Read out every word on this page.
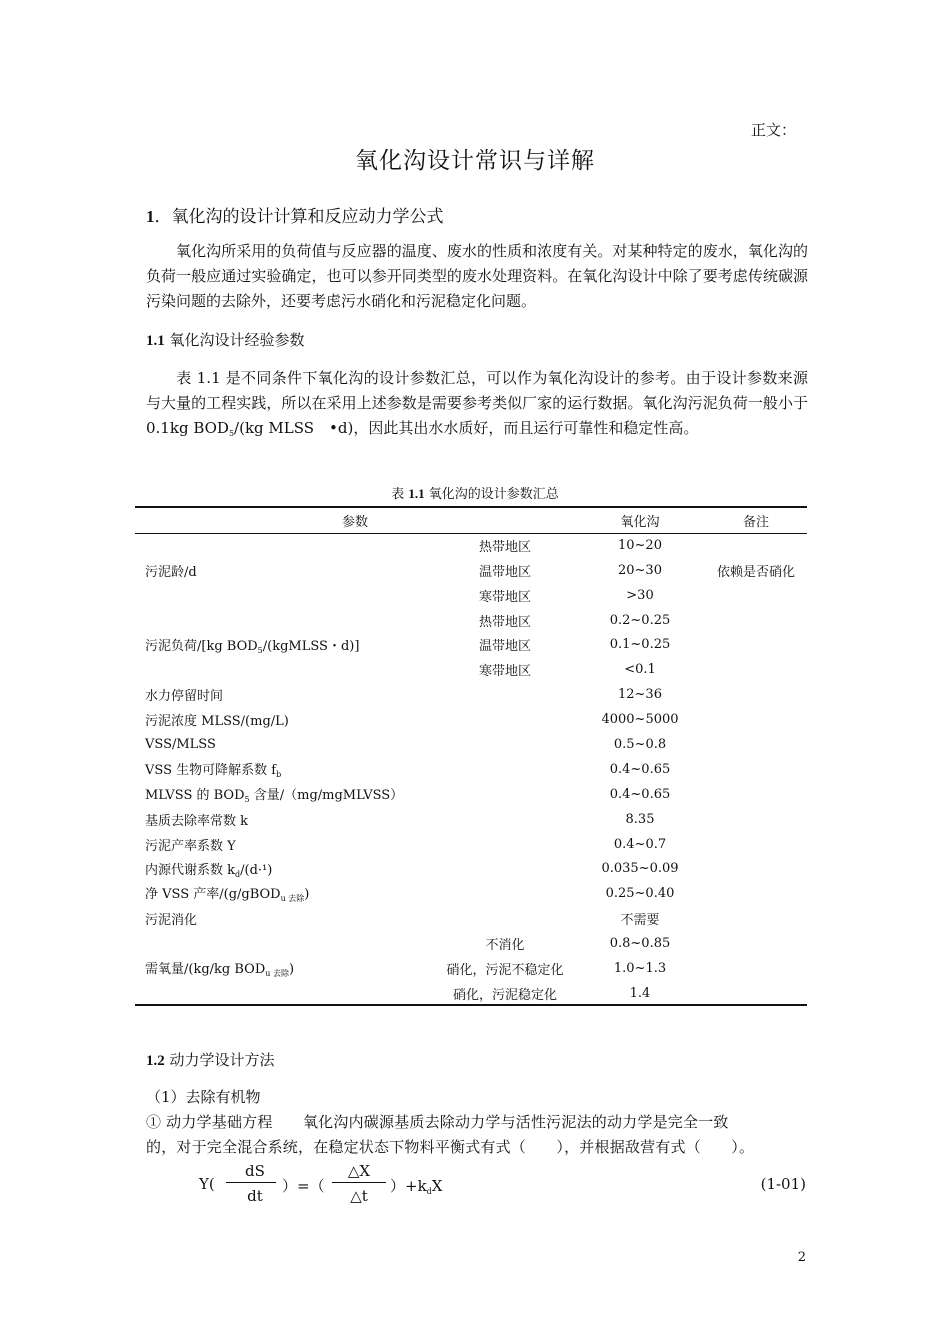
正文：
氧化沟设计常识与详解
1．氧化沟的设计计算和反应动力学公式
氧化沟所采用的负荷值与反应器的温度、废水的性质和浓度有关。对某种特定的废水，氧化沟的负荷一般应通过实验确定，也可以参开同类型的废水处理资料。在氧化沟设计中除了要考虑传统碳源污染问题的去除外，还要考虑污水硝化和污泥稳定化问题。
1.1 氧化沟设计经验参数
表 1.1 是不同条件下氧化沟的设计参数汇总，可以作为氧化沟设计的参考。由于设计参数来源与大量的工程实践，所以在采用上述参数是需要参考类似厂家的运行数据。氧化沟污泥负荷一般小于 0.1kg $BOD_5/(kg$ MLSS　•d)，因此其出水水质好，而且运行可靠性和稳定性高。
表 1.1 氧化沟的设计参数汇总
参数		氧化沟	备注
	热带地区	10~20	
污泥龄/d	温带地区	20~30	依赖是否硝化
	寒带地区	>30	
	热带地区	0.2~0.25	
污泥负荷/[kg $BOD_5/(kgMLSS$・d)]	温带地区	0.1~0.25	
	寒带地区	<0.1	
水力停留时间		12~36	
污泥浓度 MLSS/(mg/L)		4000~5000	
VSS/MLSS		0.5~0.8	
VSS 生物可降解系数 $f_b$		0.4~0.65	
MLVSS 的 $BOD_5$ 含量/（mg/mgMLVSS）		0.4~0.65	
基质去除率常数 k		8.35	
污泥产率系数 Y		0.4~0.7	
内源代谢系数 $k_d/(d\cdot^1)$		0.035~0.09	
净 VSS 产率/(g/gBOD$_{u 去除}$)		0.25~0.40	
污泥消化		不需要	
	不消化	0.8~0.85	
需氧量/(kg/kg $BOD_{u 去除}$)	硝化，污泥不稳定化	1.0~1.3	
	硝化，污泥稳定化	1.4	
1.2 动力学设计方法
（1）去除有机物
① 动力学基础方程　　氧化沟内碳源基质去除动力学与活性污泥法的动力学是完全一致
的，对于完全混合系统，在稳定状态下物料平衡式有式（　　），并根据敌营有式（　　）。
Y(
dS
dt
）=（
△X
△t
）$+k_dX$	(1-01)
2
